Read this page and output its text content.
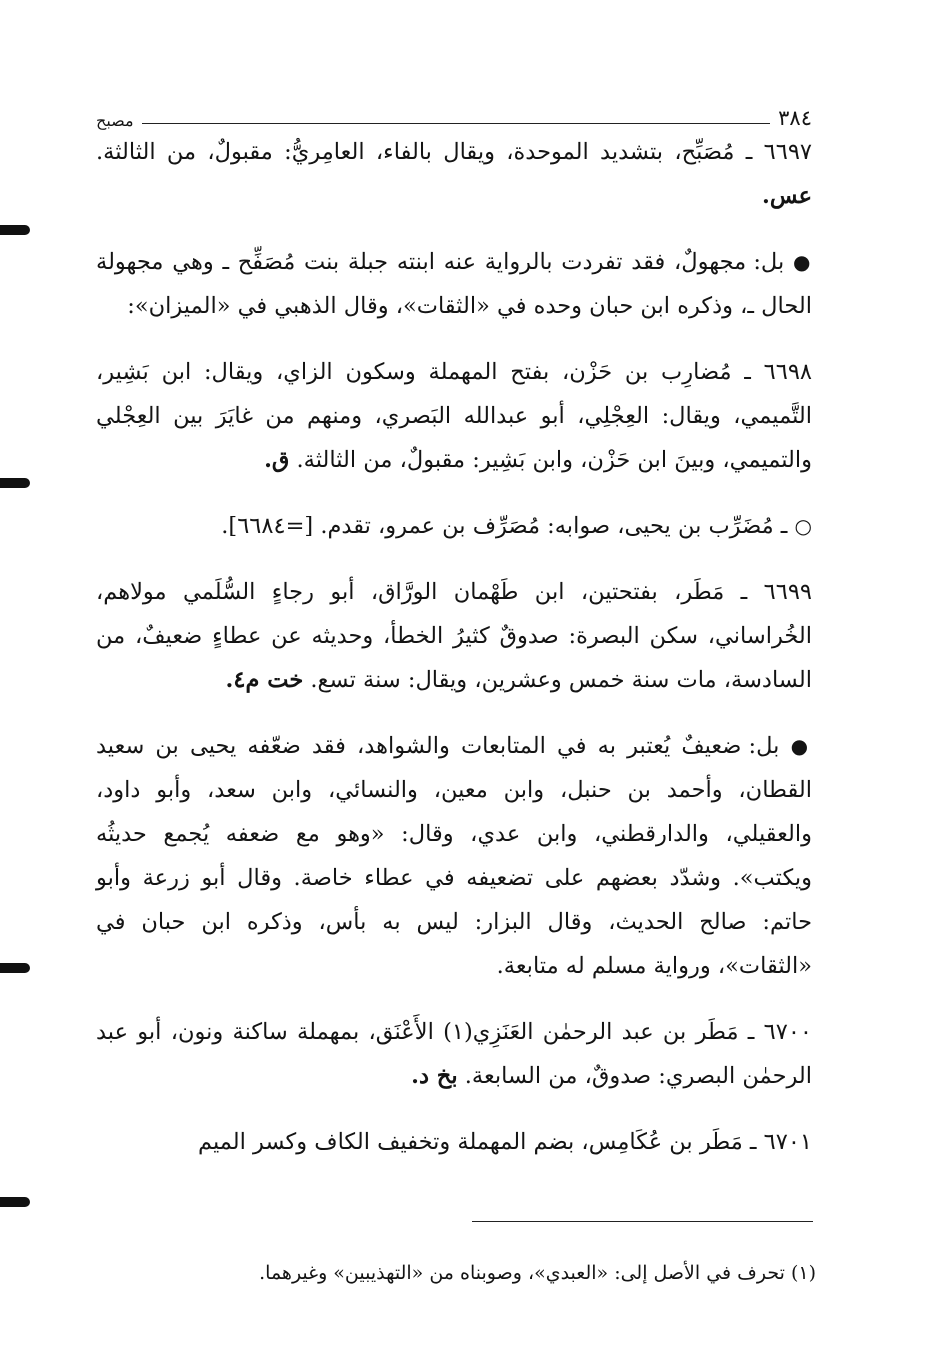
٣٨٤
مصبح

٦٦٩٧ ـ مُصَبِّح، بتشديد الموحدة، ويقال بالفاء، العامِريُّ: مقبولٌ، من الثالثة. عس.

● بل: مجهولٌ، فقد تفردت بالرواية عنه ابنته جبلة بنت مُصَفِّح ـ وهي مجهولة الحال ـ، وذكره ابن حبان وحده في «الثقات»، وقال الذهبي في «الميزان»:

٦٦٩٨ ـ مُضارِب بن حَزْن، بفتح المهملة وسكون الزاي، ويقال: ابن بَشِير، التَّميمي، ويقال: العِجْلِي، أبو عبدالله البَصري، ومنهم من غايَرَ بين العِجْلي والتميمي، وبينَ ابن حَزْن، وابن بَشِير: مقبولٌ، من الثالثة. ق.

○ ـ مُضَرِّب بن يحيى، صوابه: مُصَرِّف بن عمرو، تقدم. [=٦٦٨٤].

٦٦٩٩ ـ مَطَر، بفتحتين، ابن طَهْمان الورَّاق، أبو رجاءٍ السُّلَمي مولاهم، الخُراساني، سكن البصرة: صدوقٌ كثيرُ الخطأ، وحديثه عن عطاءٍ ضعيفٌ، من السادسة، مات سنة خمس وعشرين، ويقال: سنة تسع. خت م٤.

● بل: ضعيفٌ يُعتبر به في المتابعات والشواهد، فقد ضعّفه يحيى بن سعيد القطان، وأحمد بن حنبل، وابن معين، والنسائي، وابن سعد، وأبو داود، والعقيلي، والدارقطني، وابن عدي، وقال: «وهو مع ضعفه يُجمع حديثُه ويكتب». وشدّد بعضهم على تضعيفه في عطاء خاصة. وقال أبو زرعة وأبو حاتم: صالح الحديث، وقال البزار: ليس به بأس، وذكره ابن حبان في «الثقات»، ورواية مسلم له متابعة.

٦٧٠٠ ـ مَطَر بن عبد الرحمٰن العَنَزِي(١) الأَعْنَق، بمهملة ساكنة ونون، أبو عبد الرحمٰن البصري: صدوقٌ، من السابعة. بخ د.

٦٧٠١ ـ مَطَر بن عُكَامِس، بضم المهملة وتخفيف الكاف وكسر الميم

(١) تحرف في الأصل إلى: «العبدي»، وصوبناه من «التهذيبين» وغيرهما.
